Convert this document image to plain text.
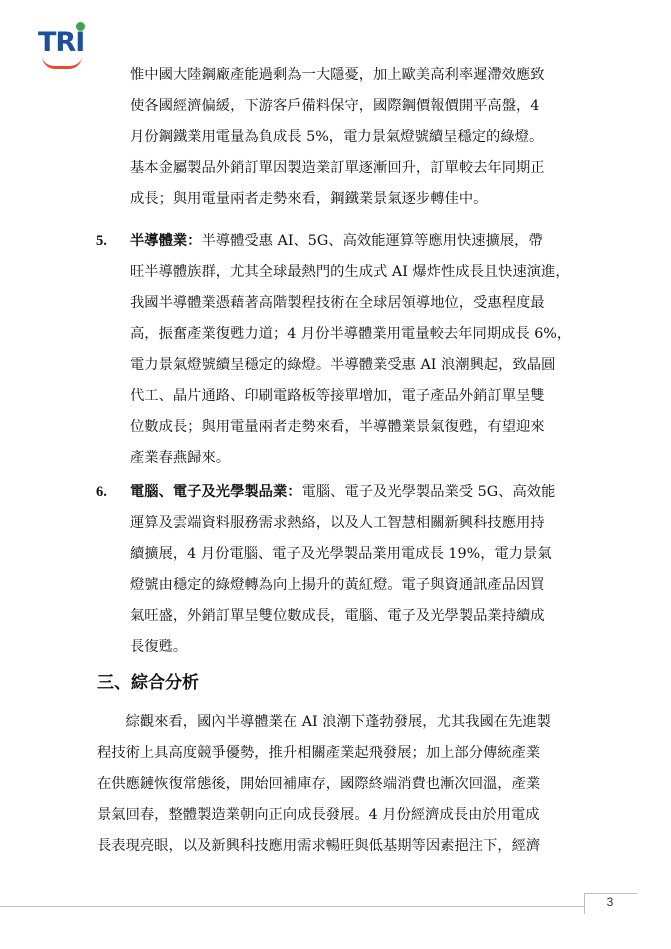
TRI
惟中國大陸鋼廠產能過剩為一大隱憂，加上歐美高利率遲滯效應致
使各國經濟偏緩，下游客戶備料保守，國際鋼價報價開平高盤，4
月份鋼鐵業用電量為負成長 5%，電力景氣燈號續呈穩定的綠燈。
基本金屬製品外銷訂單因製造業訂單逐漸回升，訂單較去年同期正
成長；與用電量兩者走勢來看，鋼鐵業景氣逐步轉佳中。
5. 半導體業：半導體受惠 AI、5G、高效能運算等應用快速擴展，帶
旺半導體族群，尤其全球最熱門的生成式 AI 爆炸性成長且快速演進，
我國半導體業憑藉著高階製程技術在全球居領導地位，受惠程度最
高，振奮產業復甦力道；4 月份半導體業用電量較去年同期成長 6%，
電力景氣燈號續呈穩定的綠燈。半導體業受惠 AI 浪潮興起，致晶圓
代工、晶片通路、印刷電路板等接單增加，電子產品外銷訂單呈雙
位數成長；與用電量兩者走勢來看，半導體業景氣復甦，有望迎來
產業春燕歸來。
6. 電腦、電子及光學製品業：電腦、電子及光學製品業受 5G、高效能
運算及雲端資料服務需求熱絡，以及人工智慧相關新興科技應用持
續擴展，4 月份電腦、電子及光學製品業用電成長 19%，電力景氣
燈號由穩定的綠燈轉為向上揚升的黃紅燈。電子與資通訊產品因買
氣旺盛，外銷訂單呈雙位數成長，電腦、電子及光學製品業持續成
長復甦。
三、綜合分析
　　綜觀來看，國內半導體業在 AI 浪潮下蓬勃發展，尤其我國在先進製
程技術上具高度競爭優勢，推升相關產業起飛發展；加上部分傳統產業
在供應鏈恢復常態後，開始回補庫存，國際終端消費也漸次回溫，產業
景氣回春，整體製造業朝向正向成長發展。4 月份經濟成長由於用電成
長表現亮眼，以及新興科技應用需求暢旺與低基期等因素挹注下，經濟
3
